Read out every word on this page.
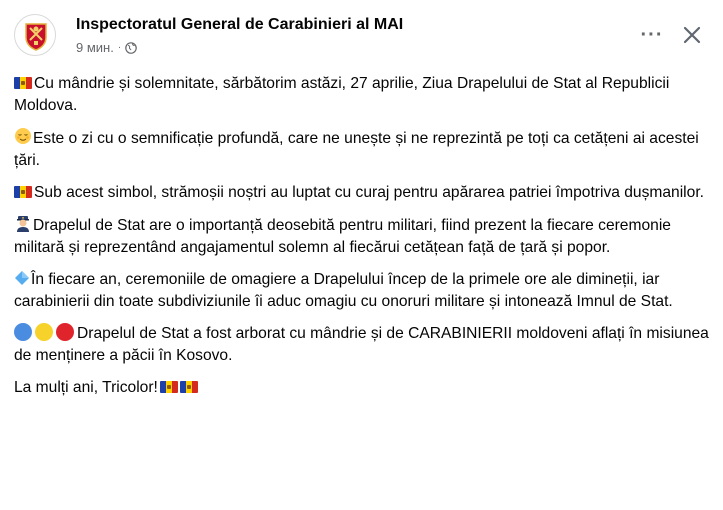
Inspectoratul General de Carabinieri al MAI
9 мин. ·
···

Cu mândrie și solemnitate, sărbătorim astăzi, 27 aprilie, Ziua Drapelului de Stat al Republicii Moldova.

Este o zi cu o semnificație profundă, care ne unește și ne reprezintă pe toți ca cetățeni ai acestei țări.

Sub acest simbol, strămoșii noștri au luptat cu curaj pentru apărarea patriei împotriva dușmanilor.

Drapelul de Stat are o importanță deosebită pentru militari, fiind prezent la fiecare ceremonie militară și reprezentând angajamentul solemn al fiecărui cetățean față de țară și popor.

În fiecare an, ceremoniile de omagiere a Drapelului încep de la primele ore ale dimineții, iar carabinierii din toate subdiviziunile îi aduc omagiu cu onoruri militare și intonează Imnul de Stat.

Drapelul de Stat a fost arborat cu mândrie și de CARABINIERII moldoveni aflați în misiunea de menținere a păcii în Kosovo.

La mulți ani, Tricolor!
